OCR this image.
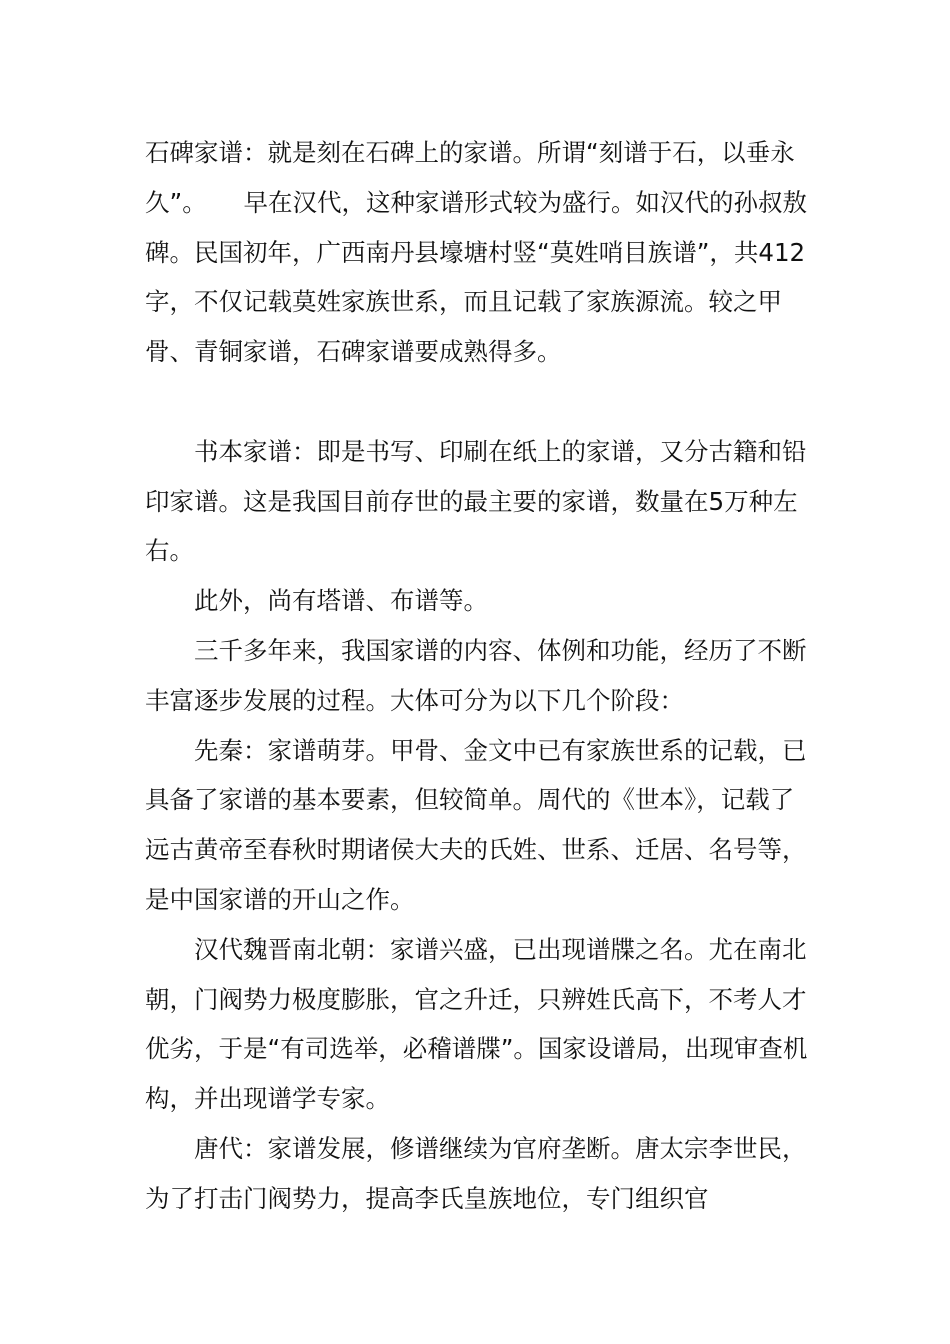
石碑家谱：就是刻在石碑上的家谱。所谓“刻谱于石，以垂永久”。　　早在汉代，这种家谱形式较为盛行。如汉代的孙叔敖碑。民国初年，广西南丹县壕塘村竖“莫姓哨目族谱”，共412字，不仅记载莫姓家族世系，而且记载了家族源流。较之甲骨、青铜家谱，石碑家谱要成熟得多。

书本家谱：即是书写、印刷在纸上的家谱，又分古籍和铅印家谱。这是我国目前存世的最主要的家谱，数量在5万种左右。

此外，尚有塔谱、布谱等。

三千多年来，我国家谱的内容、体例和功能，经历了不断丰富逐步发展的过程。大体可分为以下几个阶段：

先秦：家谱萌芽。甲骨、金文中已有家族世系的记载，已具备了家谱的基本要素，但较简单。周代的《世本》，记载了远古黄帝至春秋时期诸侯大夫的氏姓、世系、迁居、名号等，是中国家谱的开山之作。

汉代魏晋南北朝：家谱兴盛，已出现谱牒之名。尤在南北朝，门阀势力极度膨胀，官之升迁，只辨姓氏高下，不考人才优劣，于是“有司选举，必稽谱牒”。国家设谱局，出现审查机构，并出现谱学专家。

唐代：家谱发展，修谱继续为官府垄断。唐太宗李世民，为了打击门阀势力，提高李氏皇族地位，专门组织官
